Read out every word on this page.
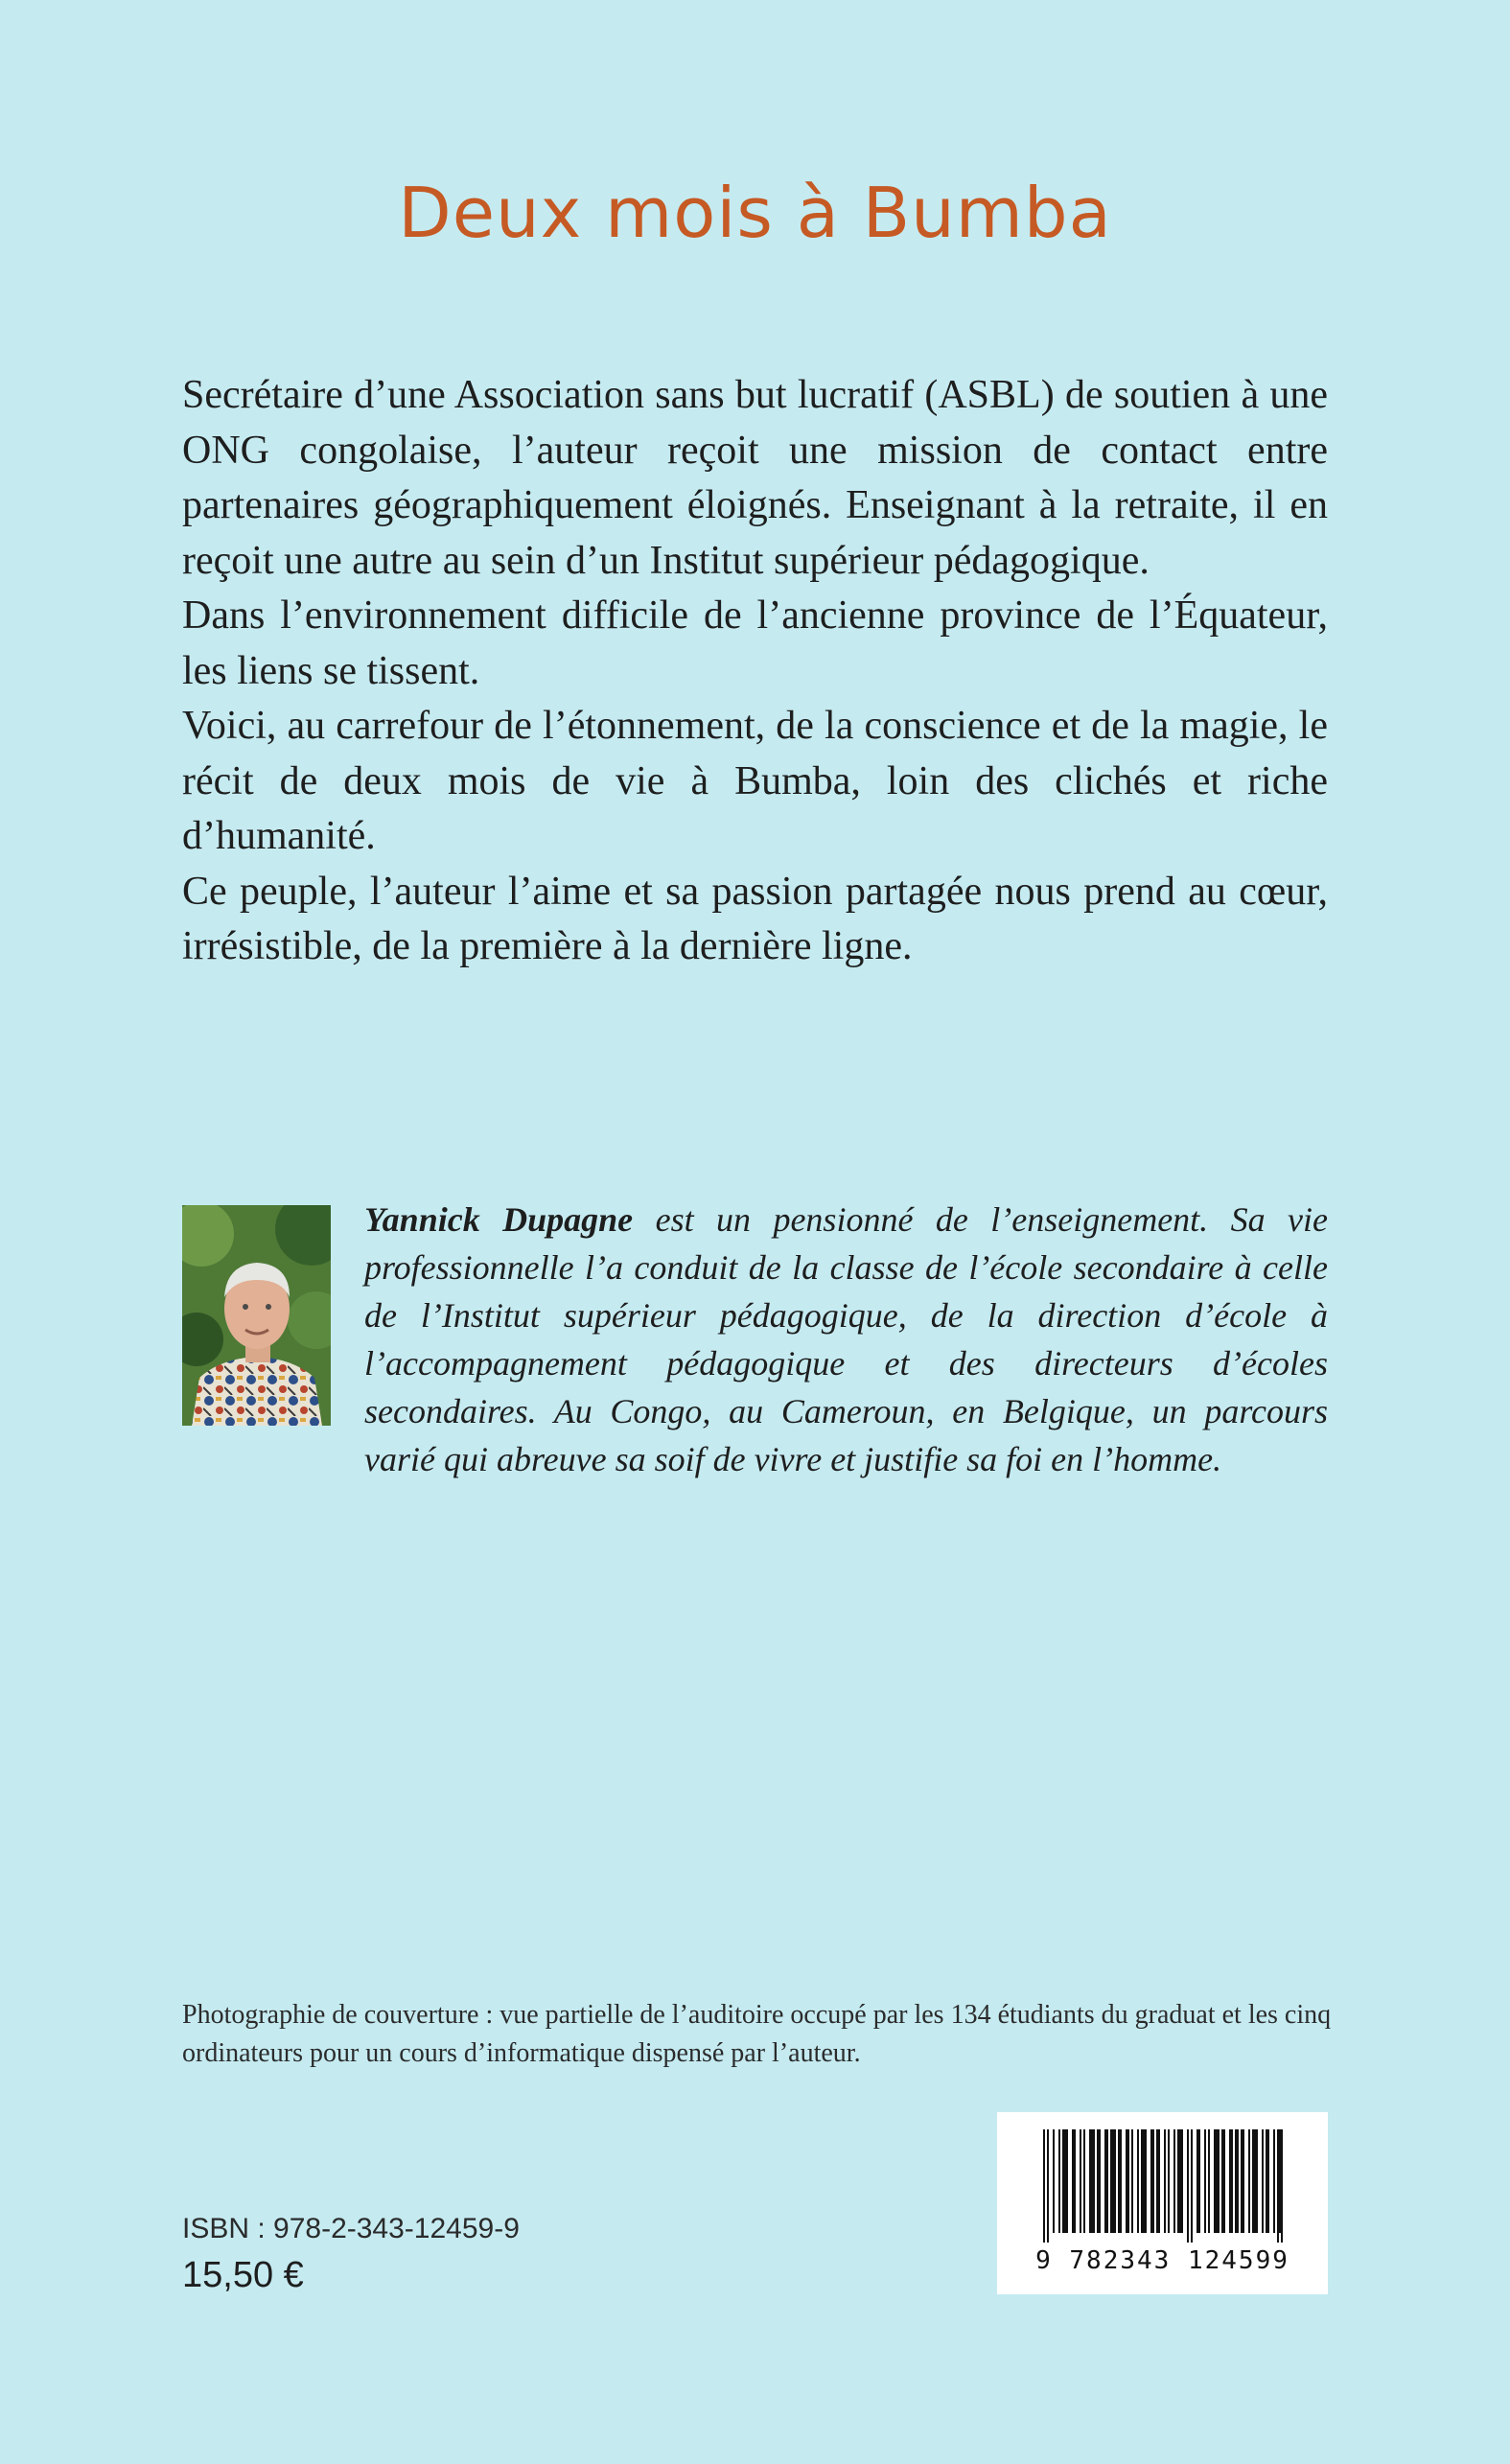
Deux mois à Bumba

Secrétaire d’une Association sans but lucratif (ASBL) de soutien à une ONG congolaise, l’auteur reçoit une mission de contact entre partenaires géographiquement éloignés. Enseignant à la retraite, il en reçoit une autre au sein d’un Institut supérieur pédagogique.

Dans l’environnement difficile de l’ancienne province de l’Équateur, les liens se tissent.

Voici, au carrefour de l’étonnement, de la conscience et de la magie, le récit de deux mois de vie à Bumba, loin des clichés et riche d’humanité.

Ce peuple, l’auteur l’aime et sa passion partagée nous prend au cœur, irrésistible, de la première à la dernière ligne.

Yannick Dupagne est un pensionné de l’enseignement. Sa vie professionnelle l’a conduit de la classe de l’école secondaire à celle de l’Institut supérieur pédagogique, de la direction d’école à l’accompagnement pédagogique et des directeurs d’écoles secondaires. Au Congo, au Cameroun, en Belgique, un parcours varié qui abreuve sa soif de vivre et justifie sa foi en l’homme.

Photographie de couverture : vue partielle de l’auditoire occupé par les 134 étudiants du graduat et les cinq ordinateurs pour un cours d’informatique dispensé par l’auteur.

ISBN : 978-2-343-12459-9
15,50 €	9 782343 124599
